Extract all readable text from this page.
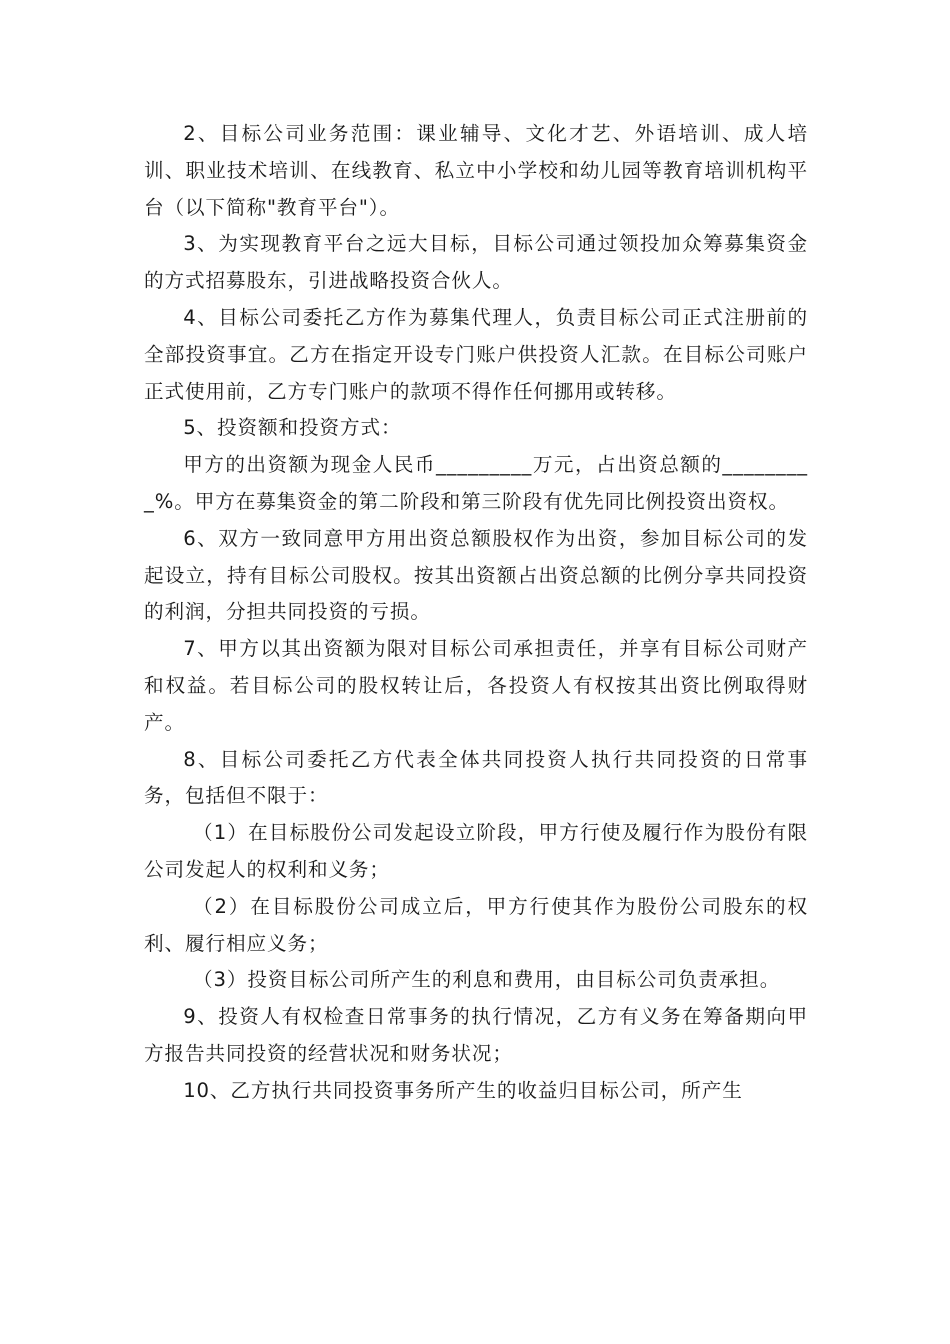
2、目标公司业务范围：课业辅导、文化才艺、外语培训、成人培训、职业技术培训、在线教育、私立中小学校和幼儿园等教育培训机构平台（以下简称"教育平台"）。

3、为实现教育平台之远大目标，目标公司通过领投加众筹募集资金的方式招募股东，引进战略投资合伙人。

4、目标公司委托乙方作为募集代理人，负责目标公司正式注册前的全部投资事宜。乙方在指定开设专门账户供投资人汇款。在目标公司账户正式使用前，乙方专门账户的款项不得作任何挪用或转移。

5、投资额和投资方式：

甲方的出资额为现金人民币_________万元，占出资总额的_________%。甲方在募集资金的第二阶段和第三阶段有优先同比例投资出资权。

6、双方一致同意甲方用出资总额股权作为出资，参加目标公司的发起设立，持有目标公司股权。按其出资额占出资总额的比例分享共同投资的利润，分担共同投资的亏损。

7、甲方以其出资额为限对目标公司承担责任，并享有目标公司财产和权益。若目标公司的股权转让后，各投资人有权按其出资比例取得财产。

8、目标公司委托乙方代表全体共同投资人执行共同投资的日常事务，包括但不限于：

（1）在目标股份公司发起设立阶段，甲方行使及履行作为股份有限公司发起人的权利和义务；

（2）在目标股份公司成立后，甲方行使其作为股份公司股东的权利、履行相应义务；

（3）投资目标公司所产生的利息和费用，由目标公司负责承担。

9、投资人有权检查日常事务的执行情况，乙方有义务在筹备期向甲方报告共同投资的经营状况和财务状况；

10、乙方执行共同投资事务所产生的收益归目标公司，所产生
